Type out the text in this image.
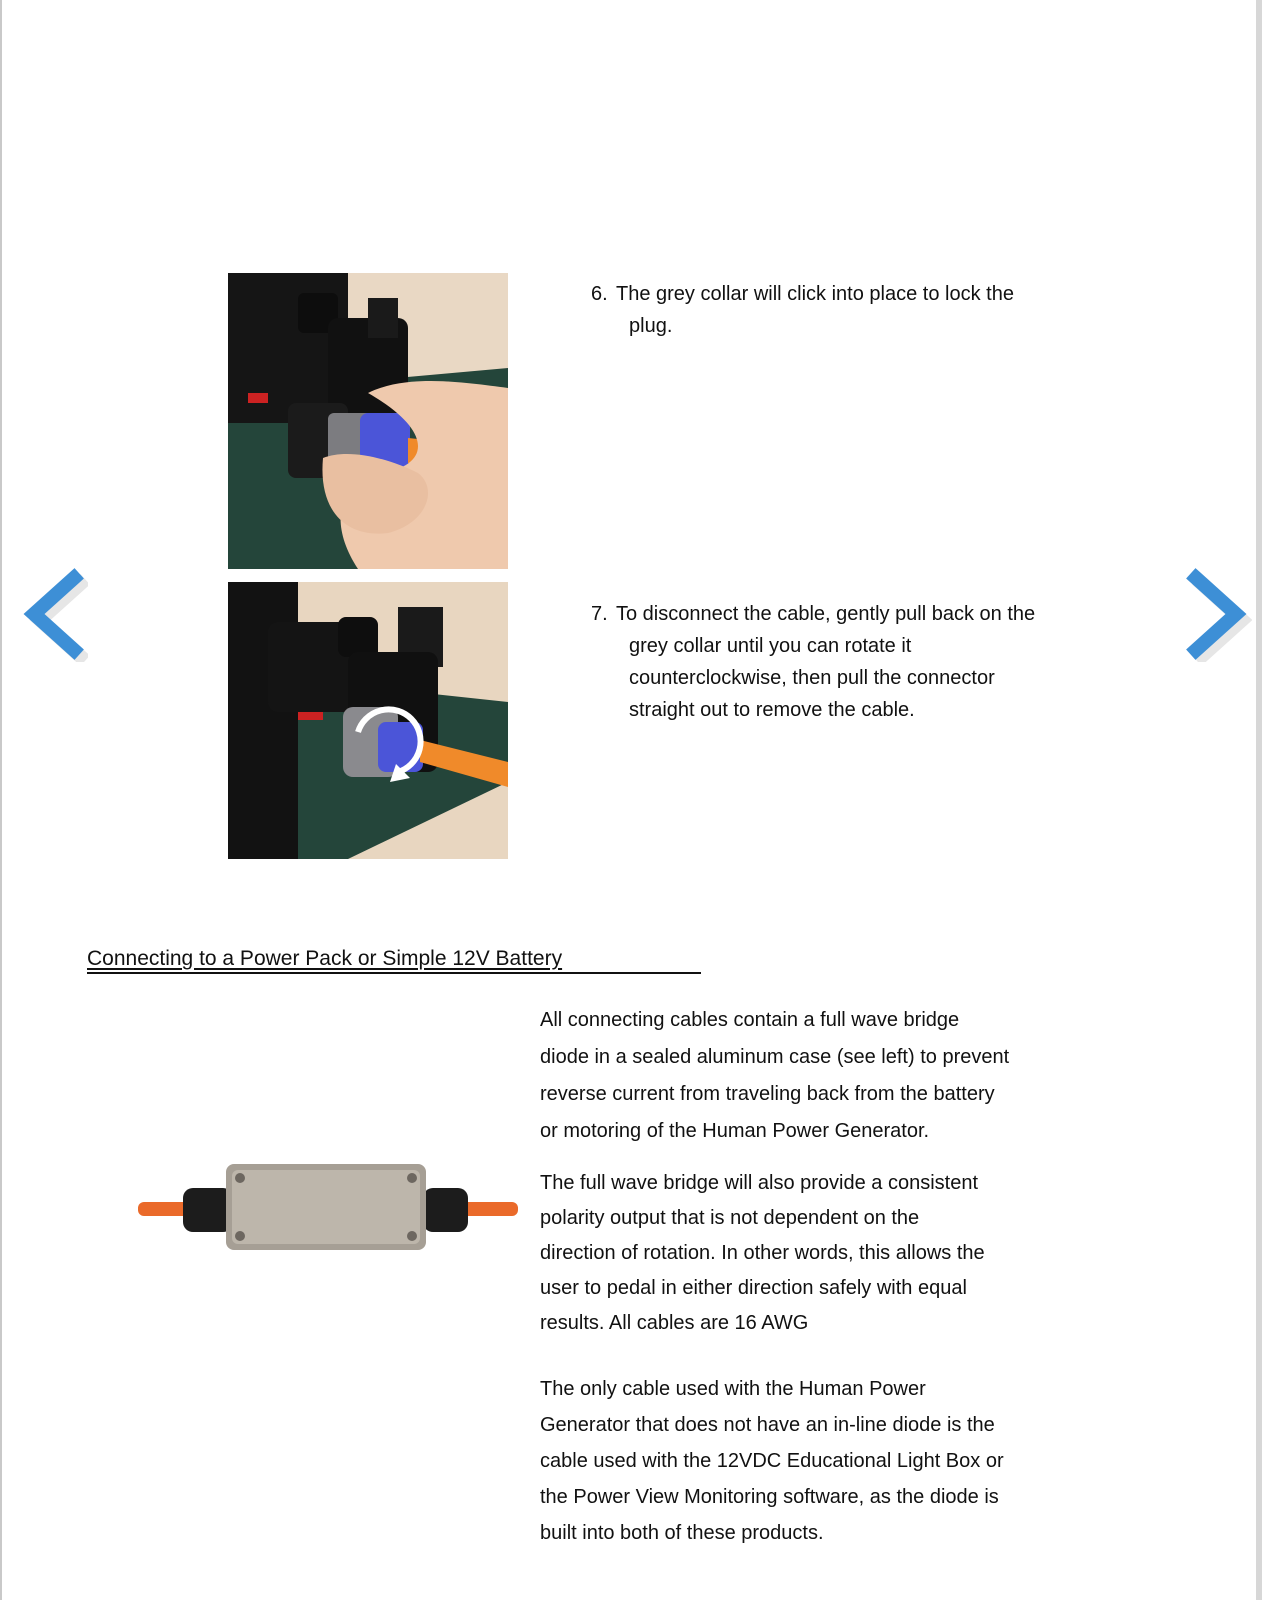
6. The grey collar will click into place to lock the
plug.
7. To disconnect the cable, gently pull back on the
grey collar until you can rotate it
counterclockwise, then pull the connector
straight out to remove the cable.
Connecting to a Power Pack or Simple 12V Battery
All connecting cables contain a full wave bridge
diode in a sealed aluminum case (see left) to prevent
reverse current from traveling back from the battery
or motoring of the Human Power Generator.
The full wave bridge will also provide a consistent
polarity output that is not dependent on the
direction of rotation. In other words, this allows the
user to pedal in either direction safely with equal
results. All cables are 16 AWG
The only cable used with the Human Power
Generator that does not have an in-line diode is the
cable used with the 12VDC Educational Light Box or
the Power View Monitoring software, as the diode is
built into both of these products.
